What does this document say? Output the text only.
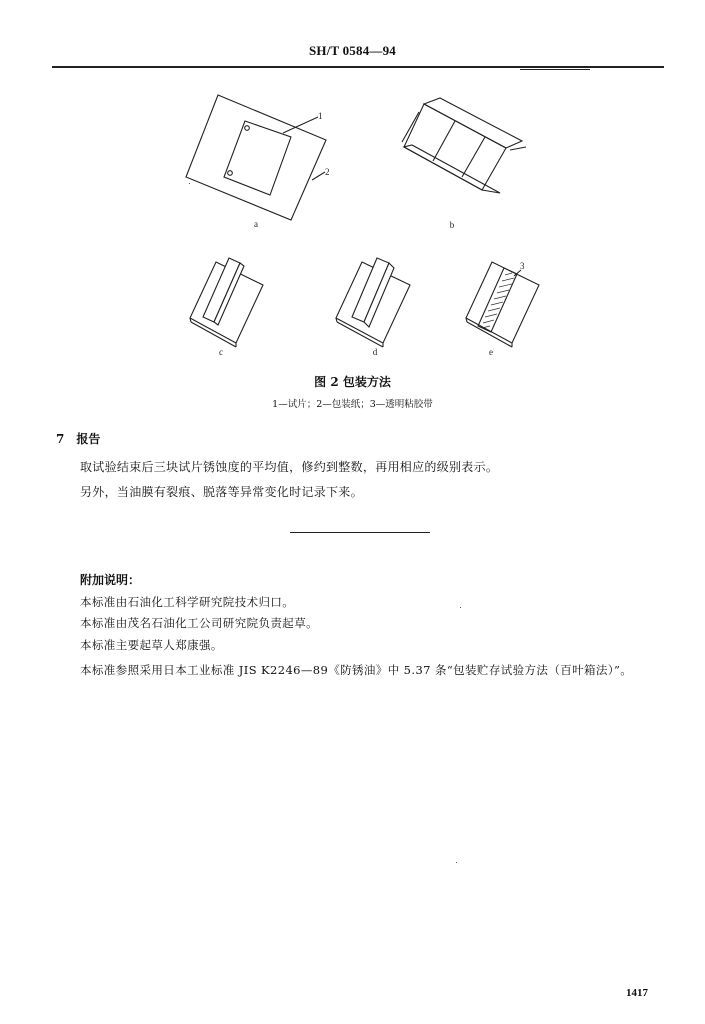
SH/T 0584—94
1
2
a	b
c	d
3
e
图 2 包装方法
1—试片；2—包装纸；3—透明粘胶带
7 报告
取试验结束后三块试片锈蚀度的平均值，修约到整数，再用相应的级别表示。
另外，当油膜有裂痕、脱落等异常变化时记录下来。
附加说明：
本标准由石油化工科学研究院技术归口。
本标准由茂名石油化工公司研究院负责起草。
本标准主要起草人郑康强。
本标准参照采用日本工业标准 JIS K2246—89《防锈油》中 5.37 条“包装贮存试验方法（百叶箱法）”。
1417
